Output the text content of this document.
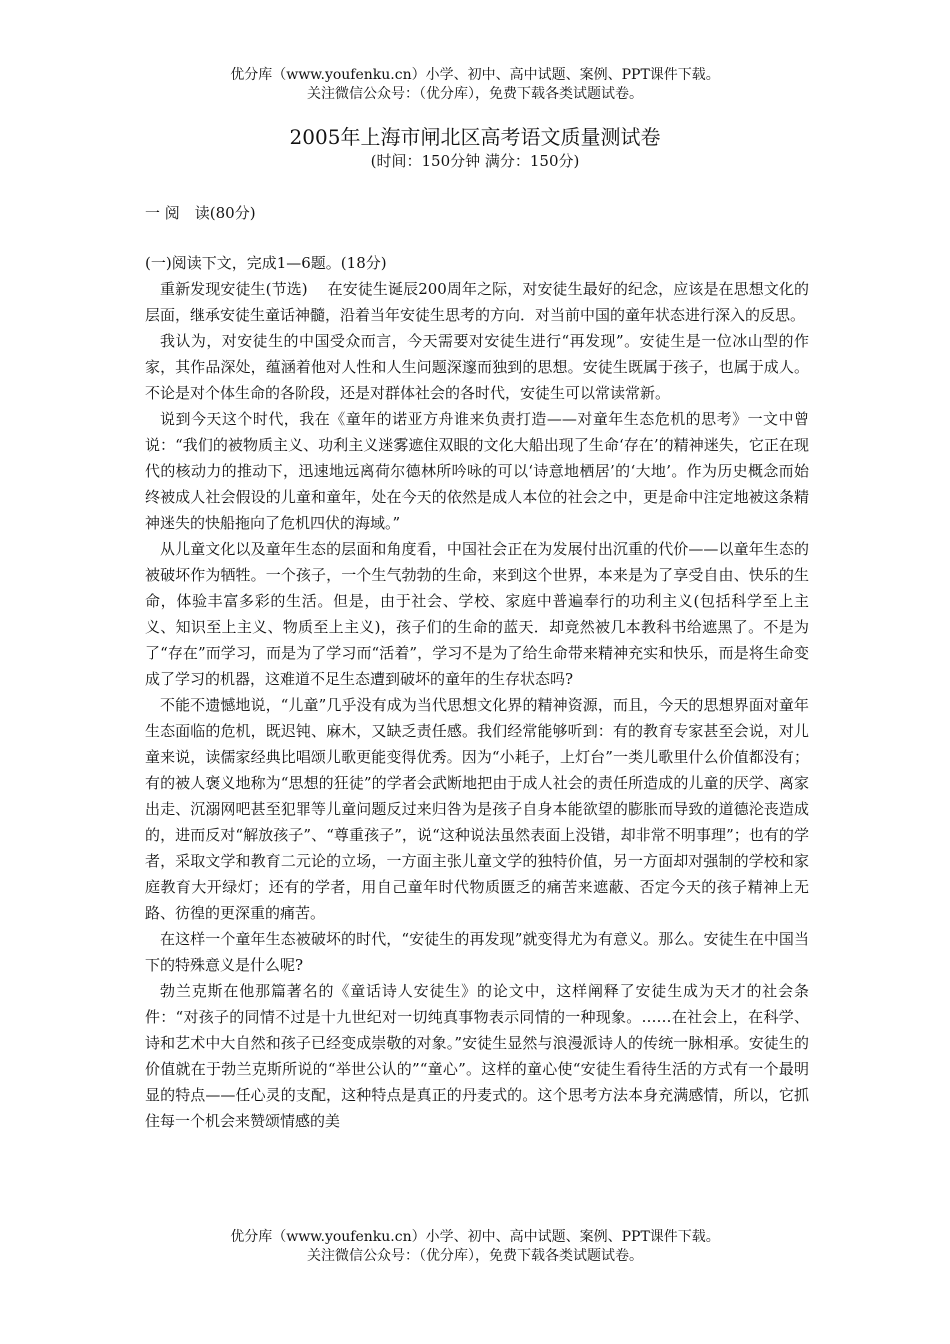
优分库（www.youfenku.cn）小学、初中、高中试题、案例、PPT课件下载。
关注微信公众号：（优分库），免费下载各类试题试卷。
2005年上海市闸北区高考语文质量测试卷
(时间：150分钟 满分：150分)
一 阅　读(80分)

(一)阅读下文，完成1—6题。(18分)

重新发现安徒生(节选)　 在安徒生诞辰200周年之际，对安徒生最好的纪念，应该是在思想文化的层面，继承安徒生童话神髓，沿着当年安徒生思考的方向．对当前中国的童年状态进行深入的反思。

我认为，对安徒生的中国受众而言，今天需要对安徒生进行“再发现”。安徒生是一位冰山型的作家，其作品深处，蕴涵着他对人性和人生问题深邃而独到的思想。安徒生既属于孩子，也属于成人。不论是对个体生命的各阶段，还是对群体社会的各时代，安徒生可以常读常新。

说到今天这个时代，我在《童年的诺亚方舟谁来负责打造——对童年生态危机的思考》一文中曾说：“我们的被物质主义、功利主义迷雾遮住双眼的文化大船出现了生命‘存在’的精神迷失，它正在现代的核动力的推动下，迅速地远离荷尔德林所吟咏的可以‘诗意地栖居’的‘大地’。作为历史概念而始终被成人社会假设的儿童和童年，处在今天的依然是成人本位的社会之中，更是命中注定地被这条精神迷失的快船拖向了危机四伏的海域。”

从儿童文化以及童年生态的层面和角度看，中国社会正在为发展付出沉重的代价——以童年生态的被破坏作为牺牲。一个孩子，一个生气勃勃的生命，来到这个世界，本来是为了享受自由、快乐的生命，体验丰富多彩的生活。但是，由于社会、学校、家庭中普遍奉行的功利主义(包括科学至上主义、知识至上主义、物质至上主义)，孩子们的生命的蓝天．却竟然被几本教科书给遮黑了。不是为了“存在”而学习，而是为了学习而“活着”，学习不是为了给生命带来精神充实和快乐，而是将生命变成了学习的机器，这难道不足生态遭到破坏的童年的生存状态吗?

不能不遗憾地说，“儿童”几乎没有成为当代思想文化界的精神资源，而且，今天的思想界面对童年生态面临的危机，既迟钝、麻木，又缺乏责任感。我们经常能够听到：有的教育专家甚至会说，对儿童来说，读儒家经典比唱颂儿歌更能变得优秀。因为“小耗子，上灯台”一类儿歌里什么价值都没有；有的被人褒义地称为“思想的狂徒”的学者会武断地把由于成人社会的责任所造成的儿童的厌学、离家出走、沉溺网吧甚至犯罪等儿童问题反过来归咎为是孩子自身本能欲望的膨胀而导致的道德沦丧造成的，进而反对“解放孩子”、“尊重孩子”，说“这种说法虽然表面上没错，却非常不明事理”；也有的学者，采取文学和教育二元论的立场，一方面主张儿童文学的独特价值，另一方面却对强制的学校和家庭教育大开绿灯；还有的学者，用自己童年时代物质匮乏的痛苦来遮蔽、否定今天的孩子精神上无路、彷徨的更深重的痛苦。

在这样一个童年生态被破坏的时代，“安徒生的再发现”就变得尤为有意义。那么。安徒生在中国当下的特殊意义是什么呢?

勃兰克斯在他那篇著名的《童话诗人安徒生》的论文中，这样阐释了安徒生成为天才的社会条件：“对孩子的同情不过是十九世纪对一切纯真事物表示同情的一种现象。……在社会上，在科学、诗和艺术中大自然和孩子已经变成崇敬的对象。”安徒生显然与浪漫派诗人的传统一脉相承。安徒生的价值就在于勃兰克斯所说的“举世公认的”“童心”。这样的童心使“安徒生看待生活的方式有一个最明显的特点——任心灵的支配，这种特点是真正的丹麦式的。这个思考方法本身充满感情，所以，它抓住每一个机会来赞颂情感的美

优分库（www.youfenku.cn）小学、初中、高中试题、案例、PPT课件下载。
关注微信公众号：（优分库），免费下载各类试题试卷。
